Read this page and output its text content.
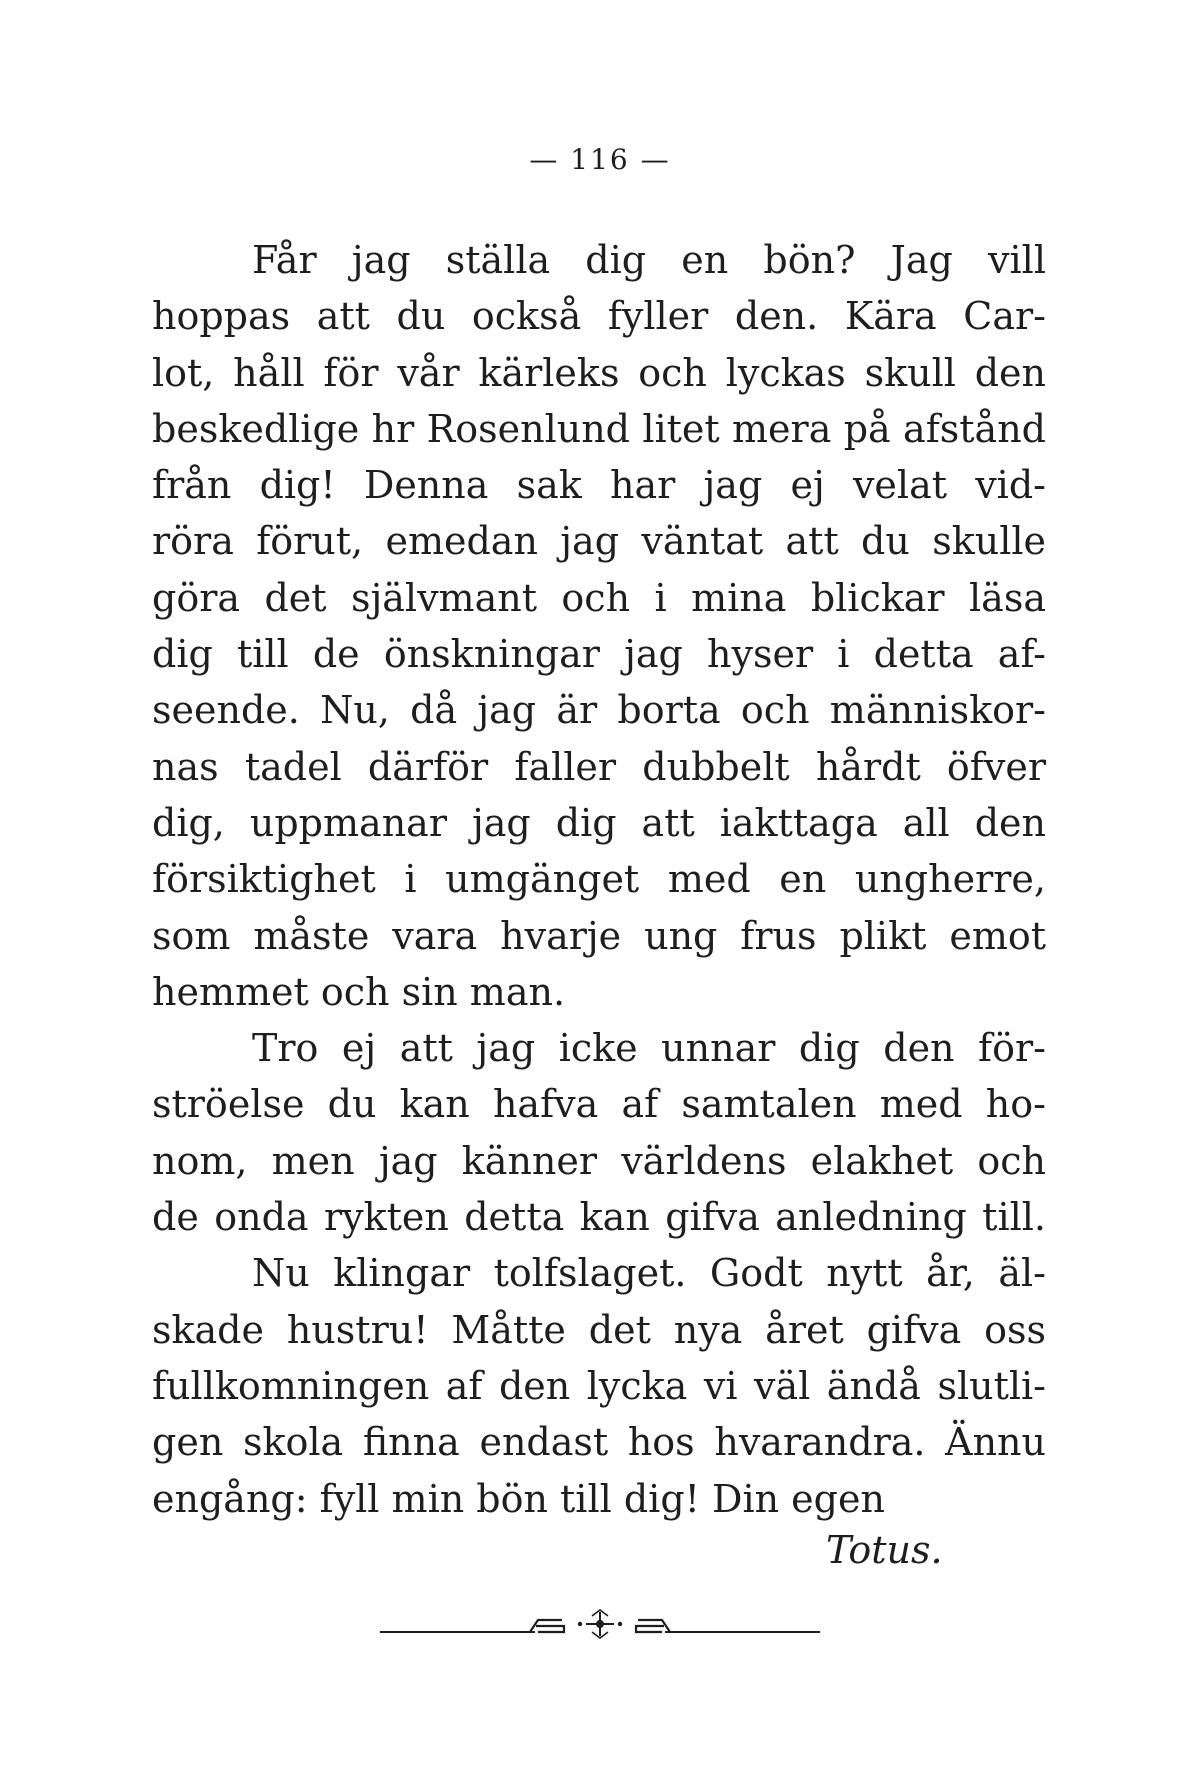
— 116 —
Får jag ställa dig en bön? Jag vill
hoppas att du också fyller den. Kära Car-
lot, håll för vår kärleks och lyckas skull den
beskedlige hr Rosenlund litet mera på afstånd
från dig! Denna sak har jag ej velat vid-
röra förut, emedan jag väntat att du skulle
göra det självmant och i mina blickar läsa
dig till de önskningar jag hyser i detta af-
seende. Nu, då jag är borta och människor-
nas tadel därför faller dubbelt hårdt öfver
dig, uppmanar jag dig att iakttaga all den
försiktighet i umgänget med en ungherre,
som måste vara hvarje ung frus plikt emot
hemmet och sin man.
Tro ej att jag icke unnar dig den för-
ströelse du kan hafva af samtalen med ho-
nom, men jag känner världens elakhet och
de onda rykten detta kan gifva anledning till.
Nu klingar tolfslaget. Godt nytt år, äl-
skade hustru! Måtte det nya året gifva oss
fullkomningen af den lycka vi väl ändå slutli-
gen skola finna endast hos hvarandra. Ännu
engång: fyll min bön till dig! Din egen
Totus.
